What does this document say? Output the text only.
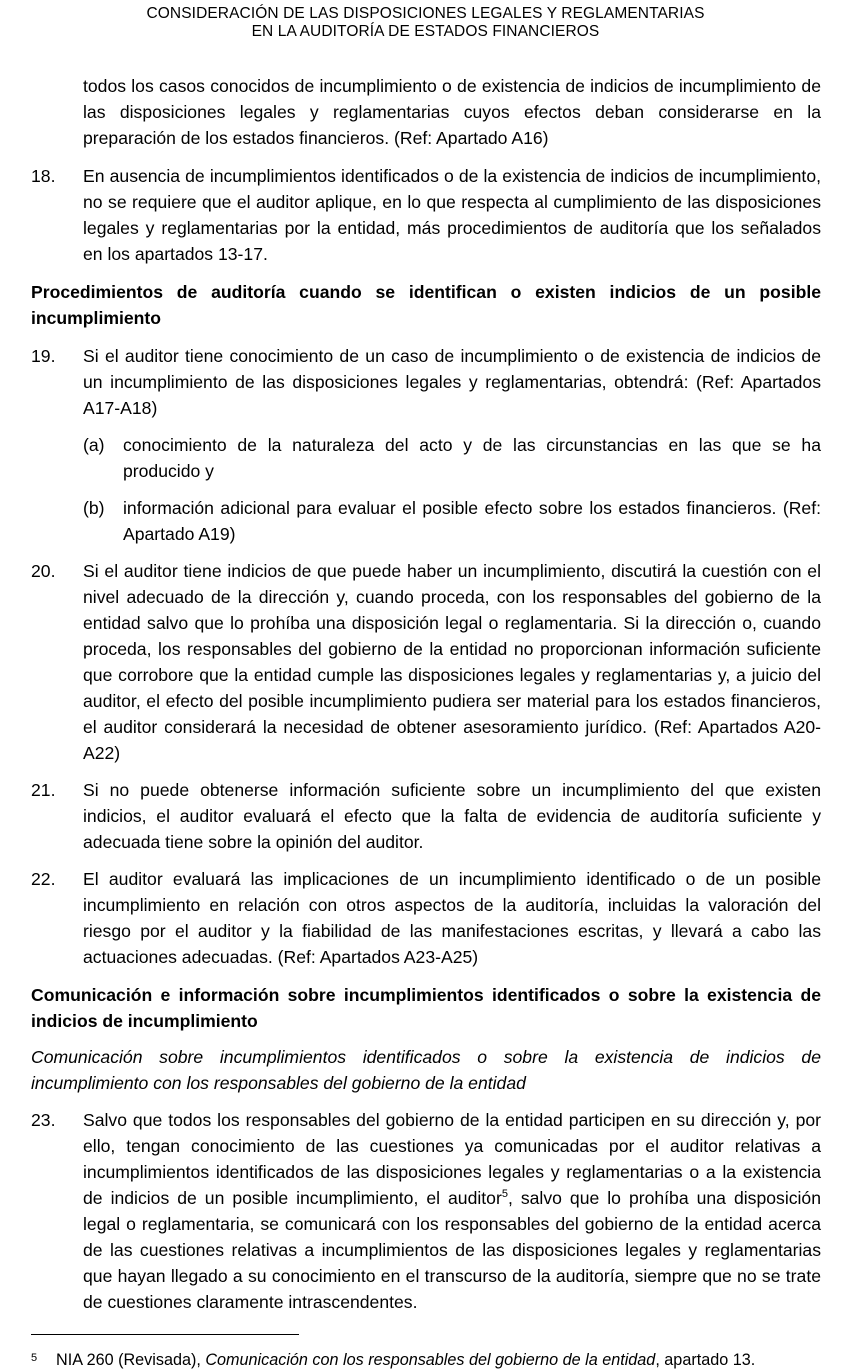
CONSIDERACIÓN DE LAS DISPOSICIONES LEGALES Y REGLAMENTARIAS
EN LA AUDITORÍA DE ESTADOS FINANCIEROS

todos los casos conocidos de incumplimiento o de existencia de indicios de incumplimiento de las disposiciones legales y reglamentarias cuyos efectos deban considerarse en la preparación de los estados financieros. (Ref: Apartado A16)

18.	En ausencia de incumplimientos identificados o de la existencia de indicios de incumplimiento, no se requiere que el auditor aplique, en lo que respecta al cumplimiento de las disposiciones legales y reglamentarias por la entidad, más procedimientos de auditoría que los señalados en los apartados 13-17.

Procedimientos de auditoría cuando se identifican o existen indicios de un posible incumplimiento

19.	Si el auditor tiene conocimiento de un caso de incumplimiento o de existencia de indicios de un incumplimiento de las disposiciones legales y reglamentarias, obtendrá: (Ref: Apartados A17-A18)

(a) conocimiento de la naturaleza del acto y de las circunstancias en las que se ha producido y

(b) información adicional para evaluar el posible efecto sobre los estados financieros. (Ref: Apartado A19)

20.	Si el auditor tiene indicios de que puede haber un incumplimiento, discutirá la cuestión con el nivel adecuado de la dirección y, cuando proceda, con los responsables del gobierno de la entidad salvo que lo prohíba una disposición legal o reglamentaria. Si la dirección o, cuando proceda, los responsables del gobierno de la entidad no proporcionan información suficiente que corrobore que la entidad cumple las disposiciones legales y reglamentarias y, a juicio del auditor, el efecto del posible incumplimiento pudiera ser material para los estados financieros, el auditor considerará la necesidad de obtener asesoramiento jurídico. (Ref: Apartados A20-A22)

21.	Si no puede obtenerse información suficiente sobre un incumplimiento del que existen indicios, el auditor evaluará el efecto que la falta de evidencia de auditoría suficiente y adecuada tiene sobre la opinión del auditor.

22.	El auditor evaluará las implicaciones de un incumplimiento identificado o de un posible incumplimiento en relación con otros aspectos de la auditoría, incluidas la valoración del riesgo por el auditor y la fiabilidad de las manifestaciones escritas, y llevará a cabo las actuaciones adecuadas. (Ref: Apartados A23-A25)

Comunicación e información sobre incumplimientos identificados o sobre la existencia de indicios de incumplimiento

Comunicación sobre incumplimientos identificados o sobre la existencia de indicios de incumplimiento con los responsables del gobierno de la entidad

23.	Salvo que todos los responsables del gobierno de la entidad participen en su dirección y, por ello, tengan conocimiento de las cuestiones ya comunicadas por el auditor relativas a incumplimientos identificados de las disposiciones legales y reglamentarias o a la existencia de indicios de un posible incumplimiento, el auditor$^5$, salvo que lo prohíba una disposición legal o reglamentaria, se comunicará con los responsables del gobierno de la entidad acerca de las cuestiones relativas a incumplimientos de las disposiciones legales y reglamentarias que hayan llegado a su conocimiento en el transcurso de la auditoría, siempre que no se trate de cuestiones claramente intrascendentes.

5 NIA 260 (Revisada), Comunicación con los responsables del gobierno de la entidad, apartado 13.
